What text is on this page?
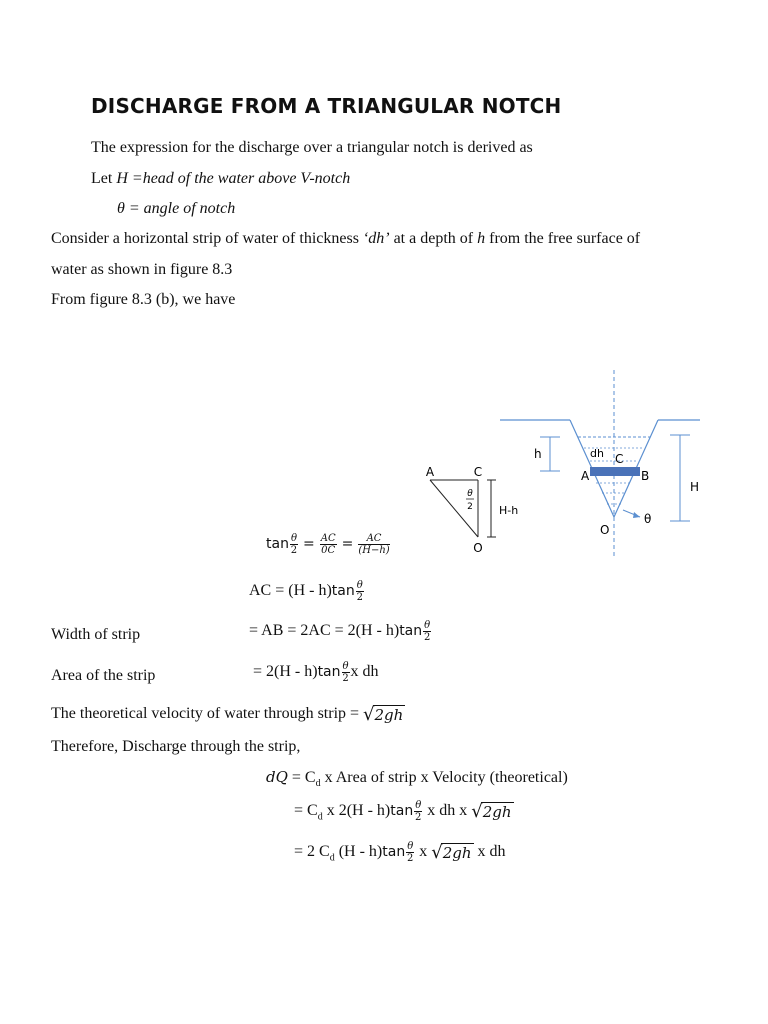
DISCHARGE FROM A TRIANGULAR NOTCH
The expression for the discharge over a triangular notch is derived as
Let H =head of the water above V-notch
θ = angle of notch
Consider a horizontal strip of water of thickness ‘dh’ at a depth of h from the free surface of
water as shown in figure 8.3
From figure 8.3 (b), we have
A	C
O
H-h
θ
2
h	dh C
A	B
H
O
θ
$\tan \frac{\theta}{2} = \frac{AC}{0C} = \frac{AC}{(H-h)}$
AC = $(H - h)\tan \frac{\theta}{2}$
Width of strip	= AB = $2AC = 2(H - h)\tan \frac{\theta}{2}$
Area of the strip	= $2(H - h)\tan \frac{\theta}{2}$ x dh
The theoretical velocity of water through strip = √2gh
Therefore, Discharge through the strip,
dQ = $C_d$ x Area of strip x Velocity (theoretical)
= $C_d$ x $2(H - h)\tan \frac{\theta}{2}$ x dh x √2gh
= 2 $C_d$ $(H - h)\tan \frac{\theta}{2}$ x √2gh x dh
